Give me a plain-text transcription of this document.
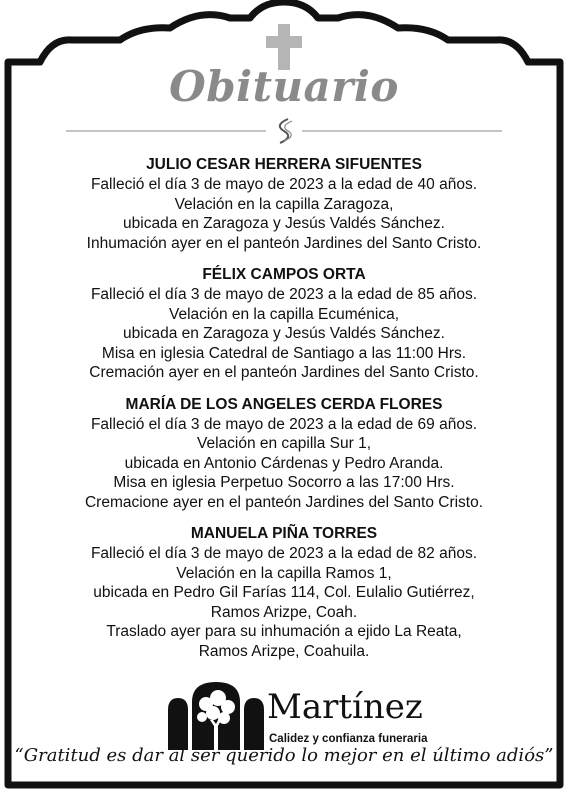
Obituario
JULIO CESAR HERRERA SIFUENTES
Falleció el día 3 de mayo de 2023 a la edad de 40 años.
Velación en la capilla Zaragoza,
ubicada en Zaragoza y Jesús Valdés Sánchez.
Inhumación ayer en el panteón Jardines del Santo Cristo.
FÉLIX CAMPOS ORTA
Falleció el día 3 de mayo de 2023 a la edad de 85 años.
Velación en la capilla Ecuménica,
ubicada en Zaragoza y Jesús Valdés Sánchez.
Misa en iglesia Catedral de Santiago a las 11:00 Hrs.
Cremación ayer en el panteón Jardines del Santo Cristo.
MARÍA DE LOS ANGELES CERDA FLORES
Falleció el día 3 de mayo de 2023 a la edad de 69 años.
Velación en capilla Sur 1,
ubicada en Antonio Cárdenas y Pedro Aranda.
Misa en iglesia Perpetuo Socorro a las 17:00 Hrs.
Cremacione ayer en el panteón Jardines del Santo Cristo.
MANUELA PIÑA TORRES
Falleció el día 3 de mayo de 2023 a la edad de 82 años.
Velación en la capilla Ramos 1,
ubicada en Pedro Gil Farías 114, Col. Eulalio Gutiérrez,
Ramos Arizpe, Coah.
Traslado ayer para su inhumación a ejido La Reata,
Ramos Arizpe, Coahuila.
Martínez
Calidez y confianza funeraria
“Gratitud es dar al ser querido lo mejor en el último adiós”
